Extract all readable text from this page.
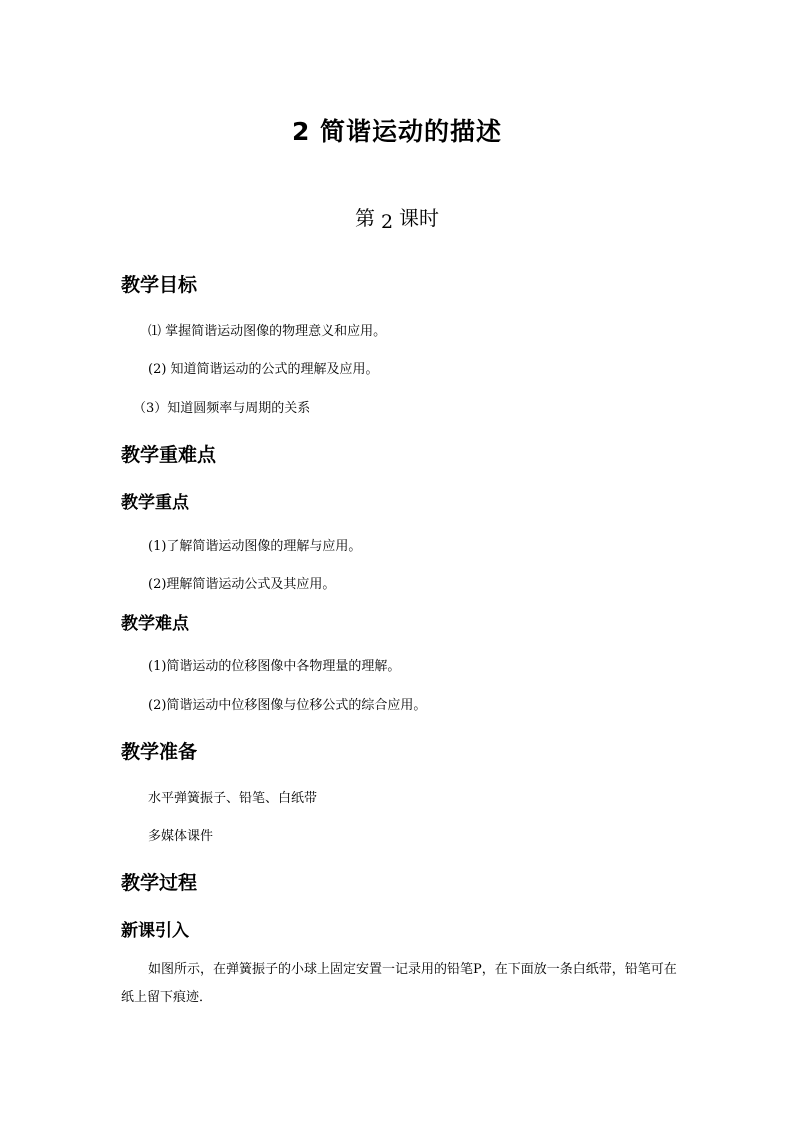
2 简谐运动的描述
第 2 课时
教学目标
⑴ 掌握简谐运动图像的物理意义和应用。
(2) 知道简谐运动的公式的理解及应用。
（3）知道圆频率与周期的关系
教学重难点
教学重点
(1)了解简谐运动图像的理解与应用。
(2)理解简谐运动公式及其应用。
教学难点
(1)简谐运动的位移图像中各物理量的理解。
(2)简谐运动中位移图像与位移公式的综合应用。
教学准备
水平弹簧振子、铅笔、白纸带
多媒体课件
教学过程
新课引入
如图所示，在弹簧振子的小球上固定安置一记录用的铅笔P，在下面放一条白纸带，铅笔可在纸上留下痕迹．
